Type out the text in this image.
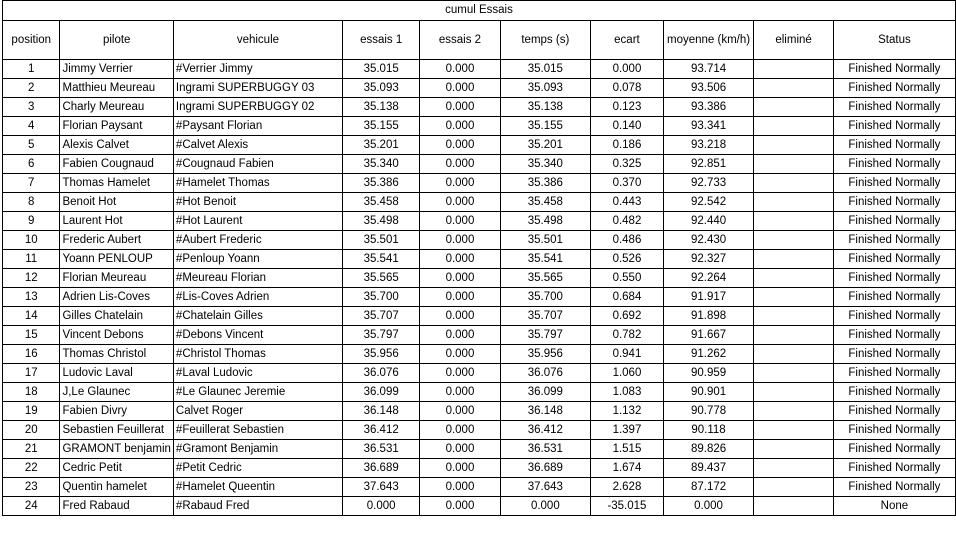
cumul Essais									
position	pilote	vehicule	essais 1	essais 2	temps (s)	ecart	moyenne (km/h)	eliminé	Status
1	Jimmy Verrier	#Verrier Jimmy	35.015	0.000	35.015	0.000	93.714		Finished Normally
2	Matthieu Meureau	Ingrami SUPERBUGGY 03	35.093	0.000	35.093	0.078	93.506		Finished Normally
3	Charly Meureau	Ingrami SUPERBUGGY 02	35.138	0.000	35.138	0.123	93.386		Finished Normally
4	Florian Paysant	#Paysant Florian	35.155	0.000	35.155	0.140	93.341		Finished Normally
5	Alexis Calvet	#Calvet Alexis	35.201	0.000	35.201	0.186	93.218		Finished Normally
6	Fabien Cougnaud	#Cougnaud Fabien	35.340	0.000	35.340	0.325	92.851		Finished Normally
7	Thomas Hamelet	#Hamelet Thomas	35.386	0.000	35.386	0.370	92.733		Finished Normally
8	Benoit Hot	#Hot Benoit	35.458	0.000	35.458	0.443	92.542		Finished Normally
9	Laurent Hot	#Hot Laurent	35.498	0.000	35.498	0.482	92.440		Finished Normally
10	Frederic Aubert	#Aubert Frederic	35.501	0.000	35.501	0.486	92.430		Finished Normally
11	Yoann PENLOUP	#Penloup Yoann	35.541	0.000	35.541	0.526	92.327		Finished Normally
12	Florian Meureau	#Meureau Florian	35.565	0.000	35.565	0.550	92.264		Finished Normally
13	Adrien Lis-Coves	#Lis-Coves Adrien	35.700	0.000	35.700	0.684	91.917		Finished Normally
14	Gilles Chatelain	#Chatelain Gilles	35.707	0.000	35.707	0.692	91.898		Finished Normally
15	Vincent Debons	#Debons Vincent	35.797	0.000	35.797	0.782	91.667		Finished Normally
16	Thomas Christol	#Christol Thomas	35.956	0.000	35.956	0.941	91.262		Finished Normally
17	Ludovic Laval	#Laval Ludovic	36.076	0.000	36.076	1.060	90.959		Finished Normally
18	J,Le Glaunec	#Le Glaunec Jeremie	36.099	0.000	36.099	1.083	90.901		Finished Normally
19	Fabien Divry	Calvet Roger	36.148	0.000	36.148	1.132	90.778		Finished Normally
20	Sebastien Feuillerat	#Feuillerat Sebastien	36.412	0.000	36.412	1.397	90.118		Finished Normally
21	GRAMONT benjamin	#Gramont Benjamin	36.531	0.000	36.531	1.515	89.826		Finished Normally
22	Cedric Petit	#Petit Cedric	36.689	0.000	36.689	1.674	89.437		Finished Normally
23	Quentin hamelet	#Hamelet Queentin	37.643	0.000	37.643	2.628	87.172		Finished Normally
24	Fred Rabaud	#Rabaud Fred	0.000	0.000	0.000	-35.015	0.000		None
